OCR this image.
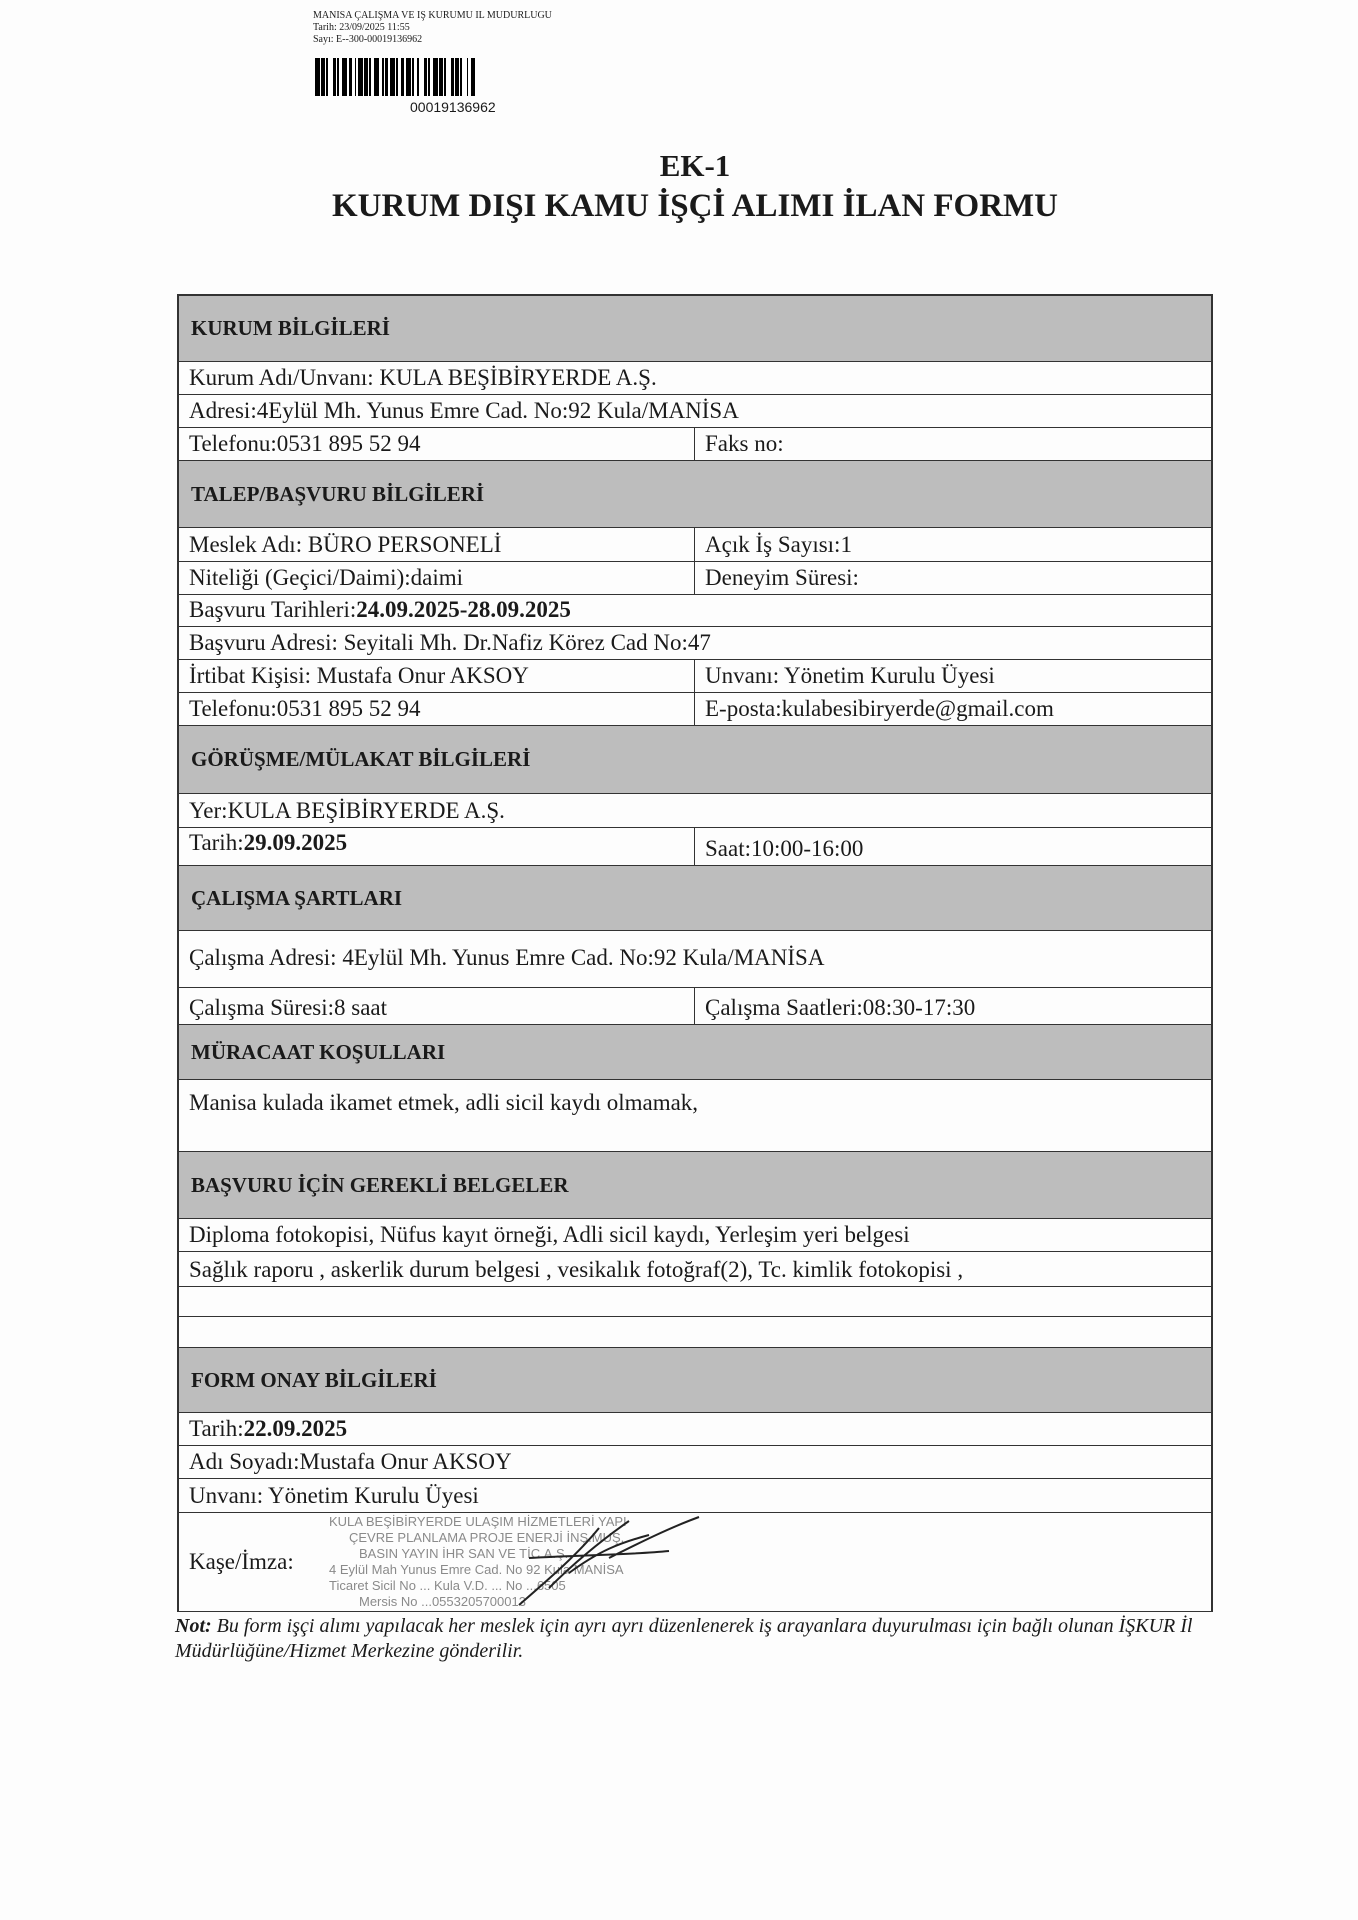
MANISA ÇALIŞMA VE IŞ KURUMU IL MUDURLUGU
Tarih: 23/09/2025 11:55
Sayı: E--300-00019136962
00019136962
EK-1
KURUM DIŞI KAMU İŞÇİ ALIMI İLAN FORMU
KURUM BİLGİLERİ
Kurum Adı/Unvanı: KULA BEŞİBİRYERDE A.Ş.
Adresi:4Eylül Mh. Yunus Emre Cad. No:92 Kula/MANİSA
Telefonu:0531 895 52 94	Faks no:
TALEP/BAŞVURU BİLGİLERİ
Meslek Adı: BÜRO PERSONELİ	Açık İş Sayısı:1
Niteliği (Geçici/Daimi):daimi	Deneyim Süresi:
Başvuru Tarihleri: 24.09.2025-28.09.2025
Başvuru Adresi: Seyitali Mh. Dr.Nafiz Körez Cad No:47
İrtibat Kişisi: Mustafa Onur AKSOY	Unvanı: Yönetim Kurulu Üyesi
Telefonu:0531 895 52 94	E-posta:kulabesibiryerde@gmail.com
GÖRÜŞME/MÜLAKAT BİLGİLERİ
Yer:KULA BEŞİBİRYERDE A.Ş.
Tarih: 29.09.2025	Saat:10:00-16:00
ÇALIŞMA ŞARTLARI
Çalışma Adresi: 4Eylül Mh. Yunus Emre Cad. No:92 Kula/MANİSA
Çalışma Süresi:8 saat	Çalışma Saatleri:08:30-17:30
MÜRACAAT KOŞULLARI
Manisa kulada ikamet etmek, adli sicil kaydı olmamak,
BAŞVURU İÇİN GEREKLİ BELGELER
Diploma fotokopisi, Nüfus kayıt örneği, Adli sicil kaydı, Yerleşim yeri belgesi
Sağlık raporu , askerlik durum belgesi , vesikalık fotoğraf(2), Tc. kimlik fotokopisi ,
FORM ONAY BİLGİLERİ
Tarih: 22.09.2025
Adı Soyadı:Mustafa Onur AKSOY
Unvanı: Yönetim Kurulu Üyesi
Kaşe/İmza:
KULA BEŞİBİRYERDE ULAŞIM HİZMETLERİ YAPI
ÇEVRE PLANLAMA PROJE ENERJİ İNŞ.MUŞ.
BASIN YAYIN İHR SAN VE TİC.A.Ş.
4 Eylül Mah Yunus Emre Cad. No 92 Kula MANİSA
Ticaret Sicil No ... Kula V.D. ... No ...6505
Mersis No ...0553205700013
Not: Bu form işçi alımı yapılacak her meslek için ayrı ayrı düzenlenerek iş arayanlara duyurulması için bağlı olunan İŞKUR İl Müdürlüğüne/Hizmet Merkezine gönderilir.
